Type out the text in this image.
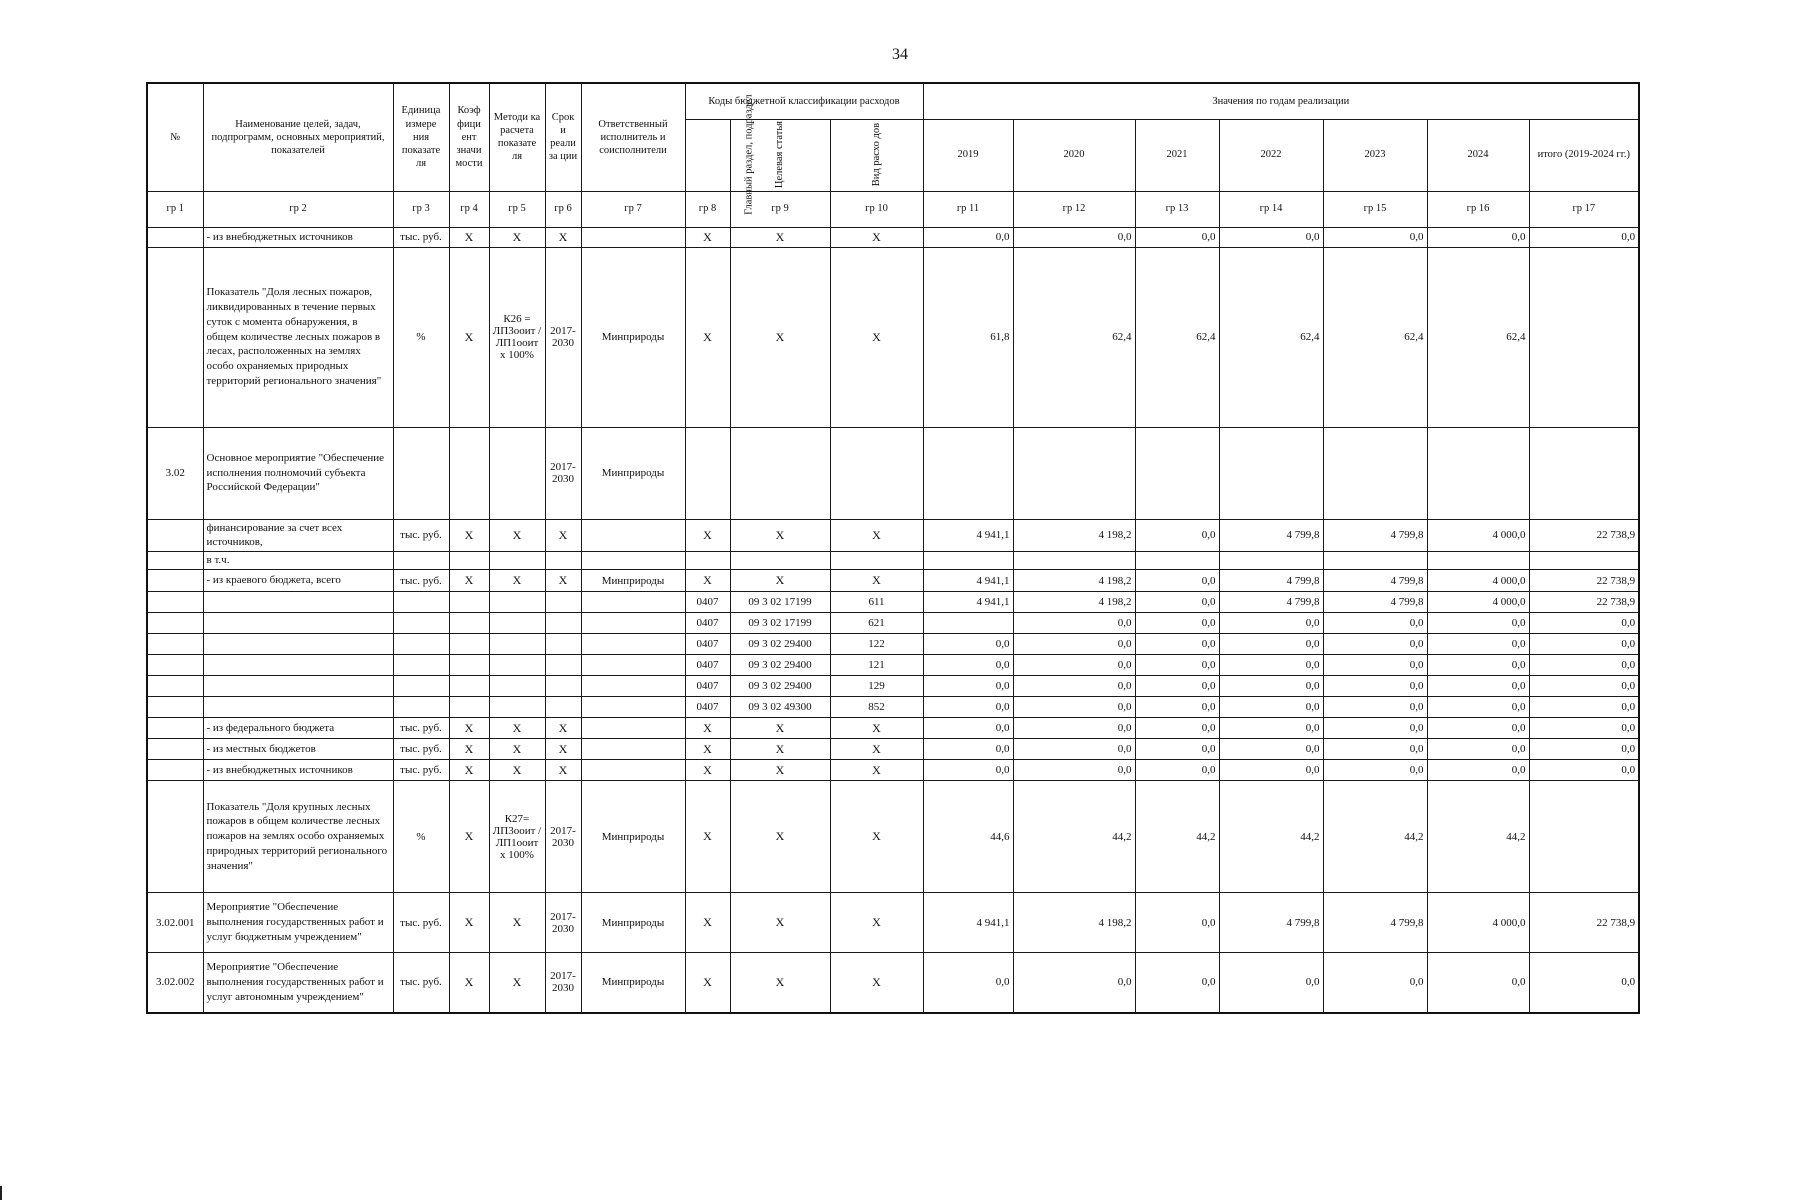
34
№	Наименование целей, задач, подпрограмм, основных мероприятий, показателей	Единица измере ния показате ля	Коэф фици ент значи мости	Методи ка расчета показате ля	Срок и реали за ции	Ответственный исполнитель и соисполнители	Коды бюджетной классификации расходов			Значения по годам реализации						
							Главный раздел, подраздел	Целевая статья	Вид расхо дов	2019	2020	2021	2022	2023	2024	итого (2019-2024 гг.)
гр 1	гр 2	гр 3	гр 4	гр 5	гр 6	гр 7	гр 8	гр 9	гр 10	гр 11	гр 12	гр 13	гр 14	гр 15	гр 16	гр 17
	- из внебюджетных источников	тыс. руб.	Х	Х	Х		Х	Х	Х	0,0	0,0	0,0	0,0	0,0	0,0	0,0
	Показатель "Доля лесных пожаров, ликвидированных в течение первых суток с момента обнаружения, в общем количестве лесных пожаров в лесах, расположенных на землях особо охраняемых природных территорий регионального значения"	%	Х	К26 = ЛП3ооит / ЛП1ооит х 100%	2017-2030	Минприроды	Х	Х	Х	61,8	62,4	62,4	62,4	62,4	62,4	
3.02	Основное мероприятие "Обеспечение исполнения полномочий субъекта Российской Федерации"				2017-2030	Минприроды										
	финансирование за счет всех источников,	тыс. руб.	Х	Х	Х		Х	Х	Х	4 941,1	4 198,2	0,0	4 799,8	4 799,8	4 000,0	22 738,9
	в т.ч.															
	- из краевого бюджета, всего	тыс. руб.	Х	Х	Х	Минприроды	Х	Х	Х	4 941,1	4 198,2	0,0	4 799,8	4 799,8	4 000,0	22 738,9
							0407	09 3 02 17199	611	4 941,1	4 198,2	0,0	4 799,8	4 799,8	4 000,0	22 738,9
							0407	09 3 02 17199	621		0,0	0,0	0,0	0,0	0,0	0,0
							0407	09 3 02 29400	122	0,0	0,0	0,0	0,0	0,0	0,0	0,0
							0407	09 3 02 29400	121	0,0	0,0	0,0	0,0	0,0	0,0	0,0
							0407	09 3 02 29400	129	0,0	0,0	0,0	0,0	0,0	0,0	0,0
							0407	09 3 02 49300	852	0,0	0,0	0,0	0,0	0,0	0,0	0,0
	- из федерального бюджета	тыс. руб.	Х	Х	Х		Х	Х	Х	0,0	0,0	0,0	0,0	0,0	0,0	0,0
	- из местных бюджетов	тыс. руб.	Х	Х	Х		Х	Х	Х	0,0	0,0	0,0	0,0	0,0	0,0	0,0
	- из внебюджетных источников	тыс. руб.	Х	Х	Х		Х	Х	Х	0,0	0,0	0,0	0,0	0,0	0,0	0,0
	Показатель "Доля крупных лесных пожаров в общем количестве лесных пожаров на землях особо охраняемых природных территорий регионального значения"	%	Х	К27= ЛП3ооит / ЛП1ооит х 100%	2017-2030	Минприроды	Х	Х	Х	44,6	44,2	44,2	44,2	44,2	44,2	
3.02.001	Мероприятие "Обеспечение выполнения государственных работ и услуг бюджетным учреждением"	тыс. руб.	Х	Х	2017-2030	Минприроды	Х	Х	Х	4 941,1	4 198,2	0,0	4 799,8	4 799,8	4 000,0	22 738,9
3.02.002	Мероприятие "Обеспечение выполнения государственных работ и услуг автономным учреждением"	тыс. руб.	Х	Х	2017-2030	Минприроды	Х	Х	Х	0,0	0,0	0,0	0,0	0,0	0,0	0,0
